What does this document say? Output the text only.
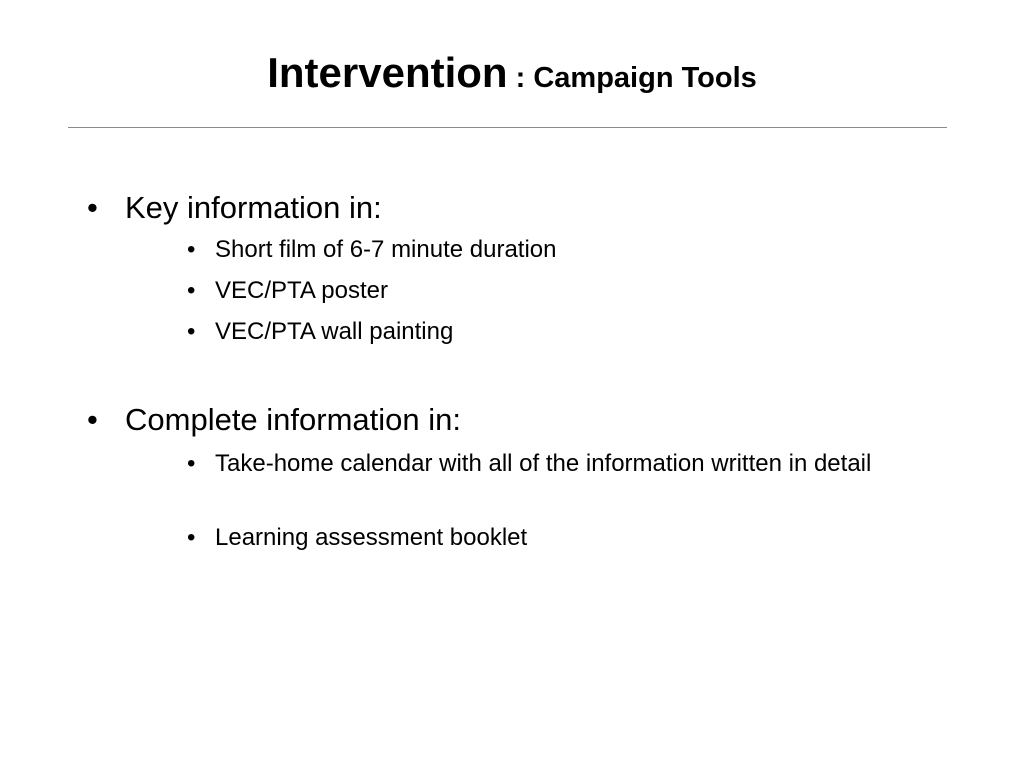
Intervention : Campaign Tools
• Key information in:
• Short film of 6-7 minute duration
• VEC/PTA poster
• VEC/PTA wall painting
• Complete information in:
• Take-home calendar with all of the information written in detail
• Learning assessment booklet
